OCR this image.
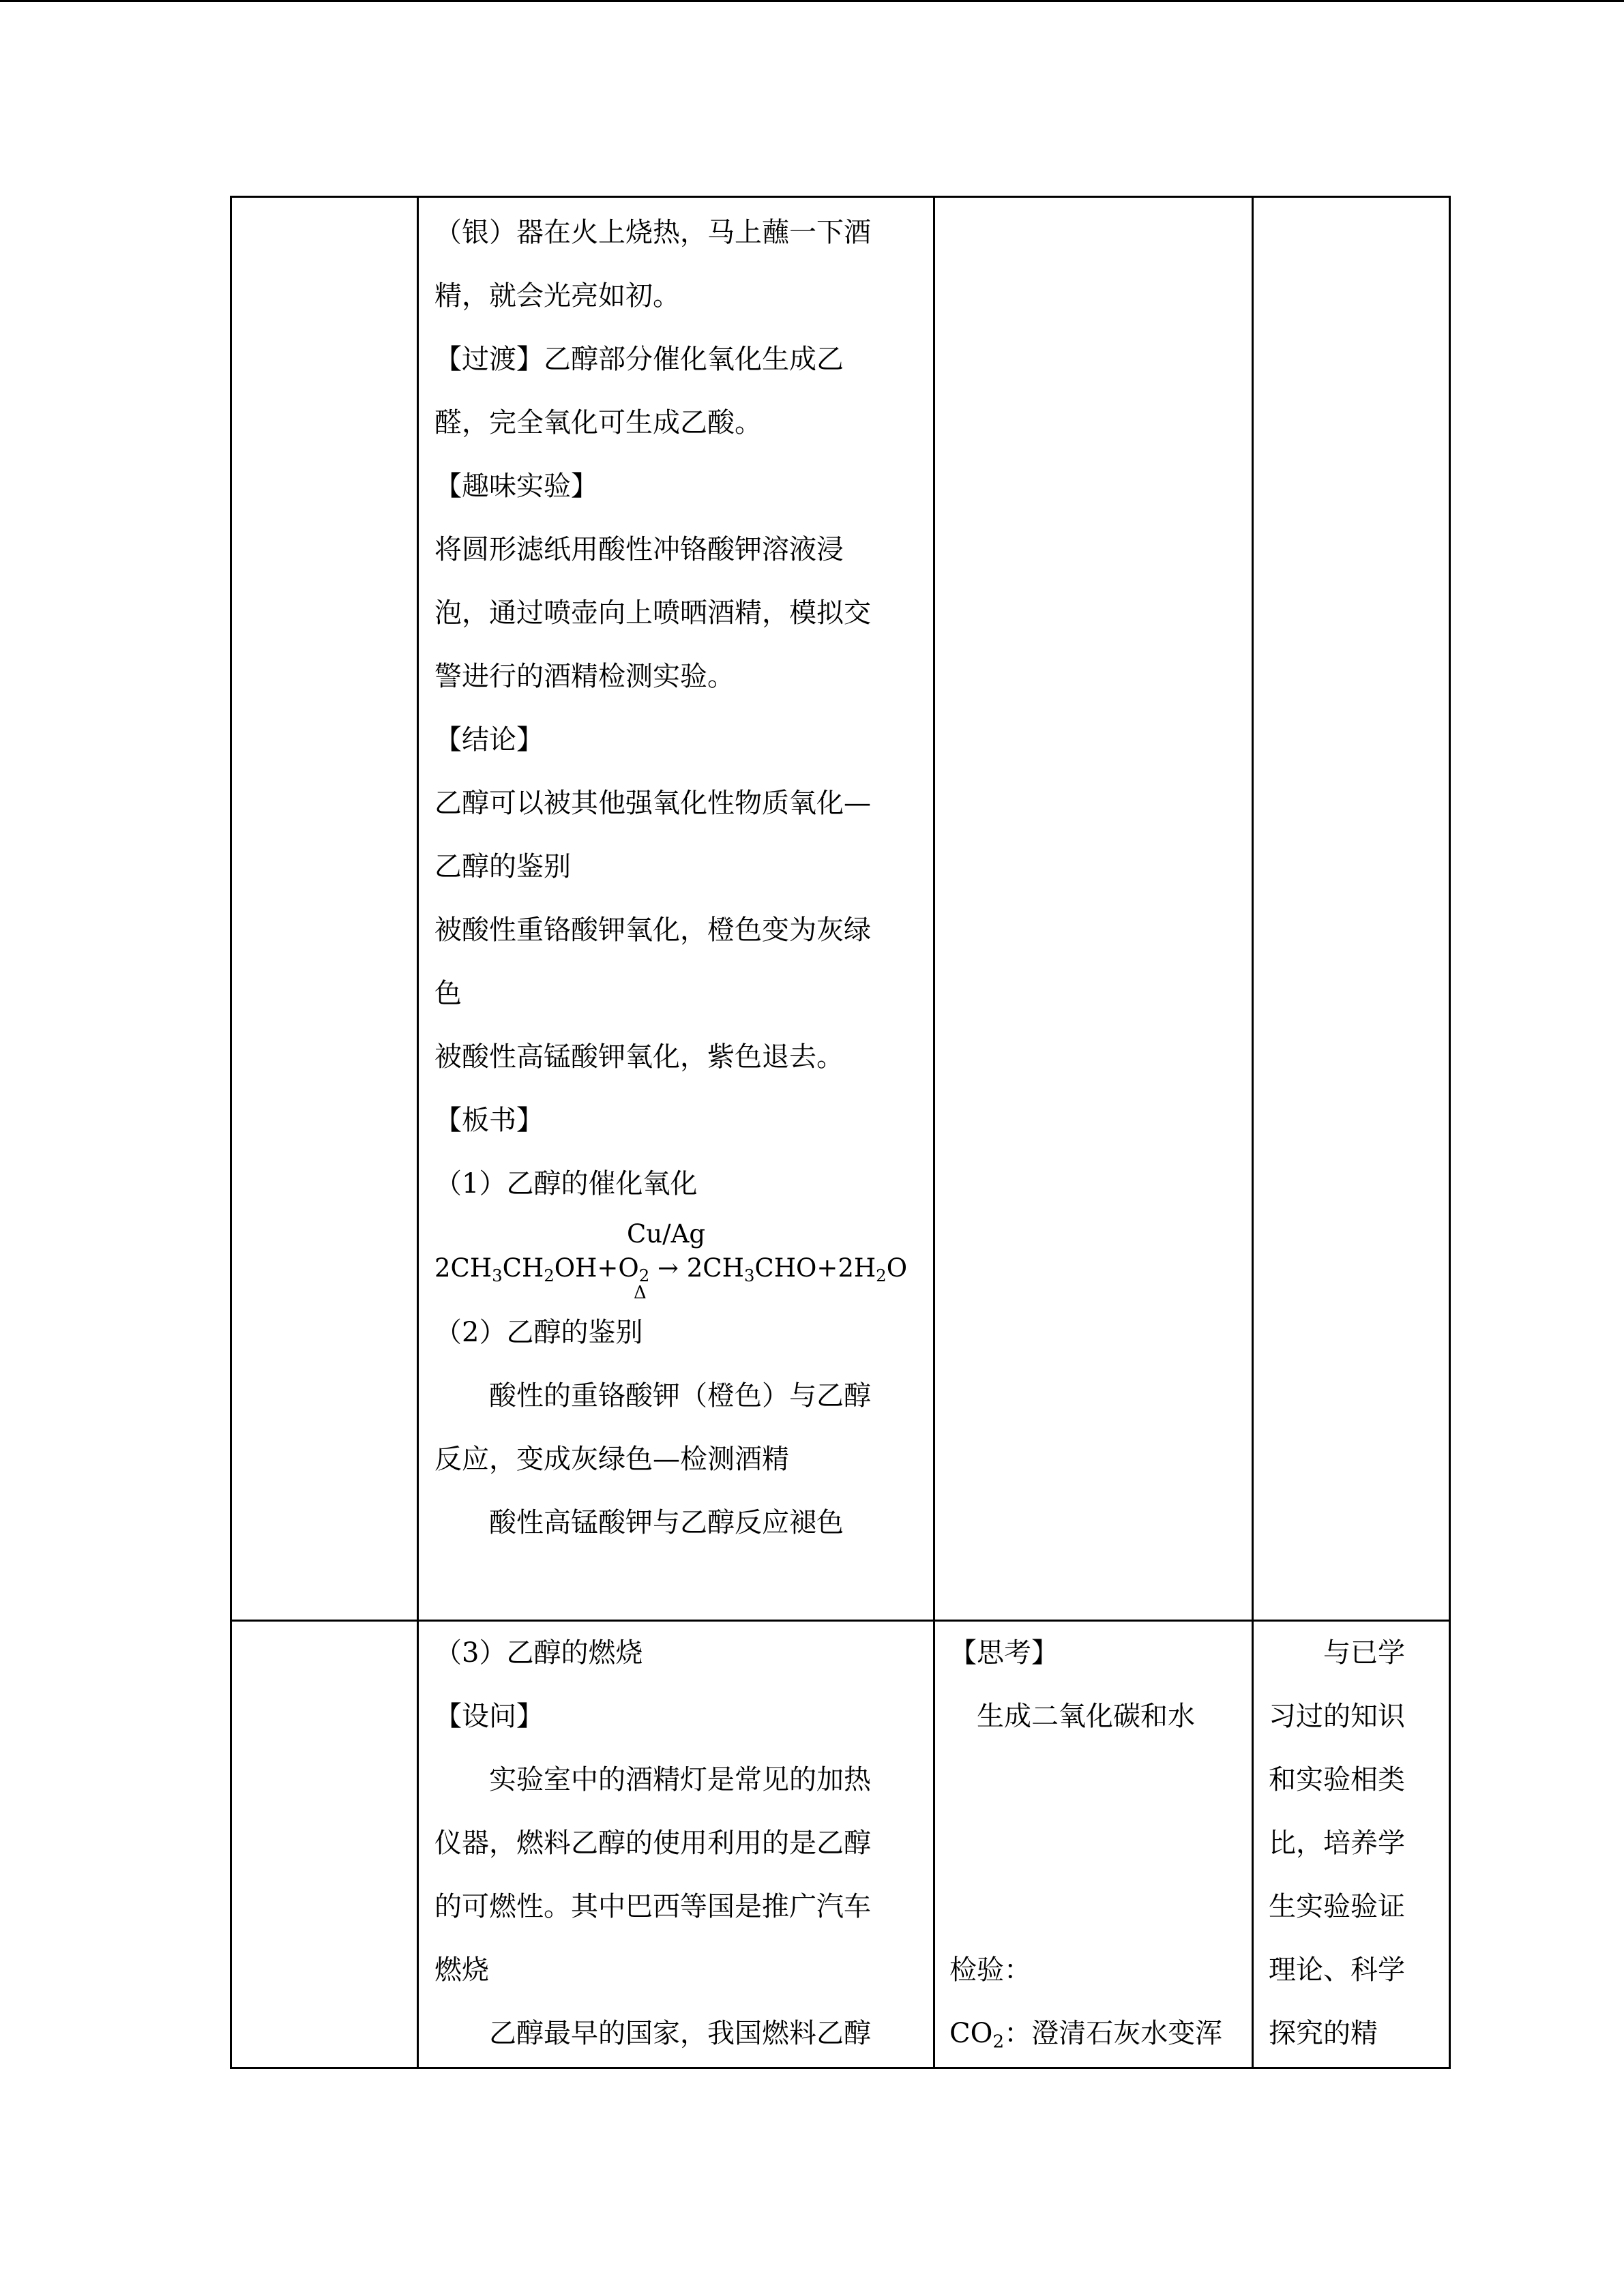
（银）器在火上烧热，马上蘸一下酒
精，就会光亮如初。
【过渡】乙醇部分催化氧化生成乙
醛，完全氧化可生成乙酸。
【趣味实验】
将圆形滤纸用酸性冲铬酸钾溶液浸
泡，通过喷壶向上喷晒酒精，模拟交
警进行的酒精检测实验。
【结论】
乙醇可以被其他强氧化性物质氧化—
乙醇的鉴别
被酸性重铬酸钾氧化，橙色变为灰绿
色
被酸性高锰酸钾氧化，紫色退去。
【板书】
（1）乙醇的催化氧化
Cu/Ag
$2CH_3CH_2OH+O_2 \to 2CH_3CHO+2H_2O$
Δ
（2）乙醇的鉴别
酸性的重铬酸钾（橙色）与乙醇
反应，变成灰绿色—检测酒精
酸性高锰酸钾与乙醇反应褪色
（3）乙醇的燃烧
【设问】
实验室中的酒精灯是常见的加热
仪器，燃料乙醇的使用利用的是乙醇
的可燃性。其中巴西等国是推广汽车
燃烧
乙醇最早的国家，我国燃料乙醇
【思考】
生成二氧化碳和水

检验：
$CO_2$：澄清石灰水变浑
与已学
习过的知识
和实验相类
比，培养学
生实验验证
理论、科学
探究的精
